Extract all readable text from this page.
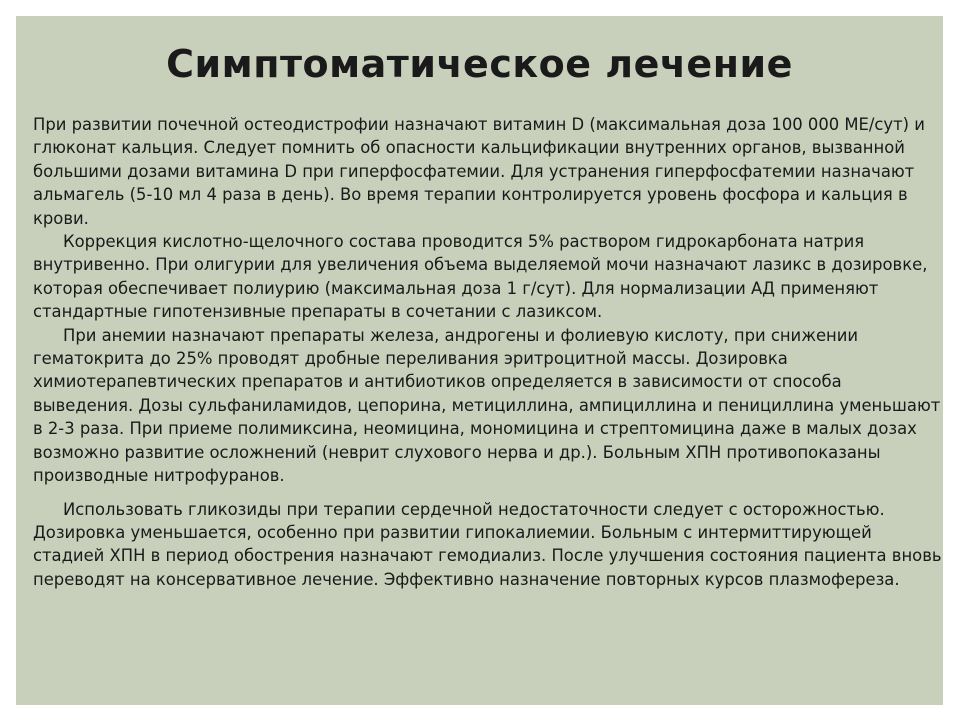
Симптоматическое лечение

При развитии почечной остеодистрофии назначают витамин D (максимальная доза 100 000 МЕ/сут) и глюконат кальция. Следует помнить об опасности кальцификации внутренних органов, вызванной большими дозами витамина D при гиперфосфатемии. Для устранения гиперфосфатемии назначают альмагель (5-10 мл 4 раза в день). Во время терапии контролируется уровень фосфора и кальция в крови.

Коррекция кислотно-щелочного состава проводится 5% раствором гидрокарбоната натрия внутривенно. При олигурии для увеличения объема выделяемой мочи назначают лазикс в дозировке, которая обеспечивает полиурию (максимальная доза 1 г/сут). Для нормализации АД применяют стандартные гипотензивные препараты в сочетании с лазиксом.

При анемии назначают препараты железа, андрогены и фолиевую кислоту, при снижении гематокрита до 25% проводят дробные переливания эритроцитной массы. Дозировка химиотерапевтических препаратов и антибиотиков определяется в зависимости от способа выведения. Дозы сульфаниламидов, цепорина, метициллина, ампициллина и пенициллина уменьшают в 2-3 раза. При приеме полимиксина, неомицина, мономицина и стрептомицина даже в малых дозах возможно развитие осложнений (неврит слухового нерва и др.). Больным ХПН противопоказаны производные нитрофуранов.

Использовать гликозиды при терапии сердечной недостаточности следует с осторожностью. Дозировка уменьшается, особенно при развитии гипокалиемии. Больным с интермиттирующей стадией ХПН в период обострения назначают гемодиализ. После улучшения состояния пациента вновь переводят на консервативное лечение. Эффективно назначение повторных курсов плазмофереза.
